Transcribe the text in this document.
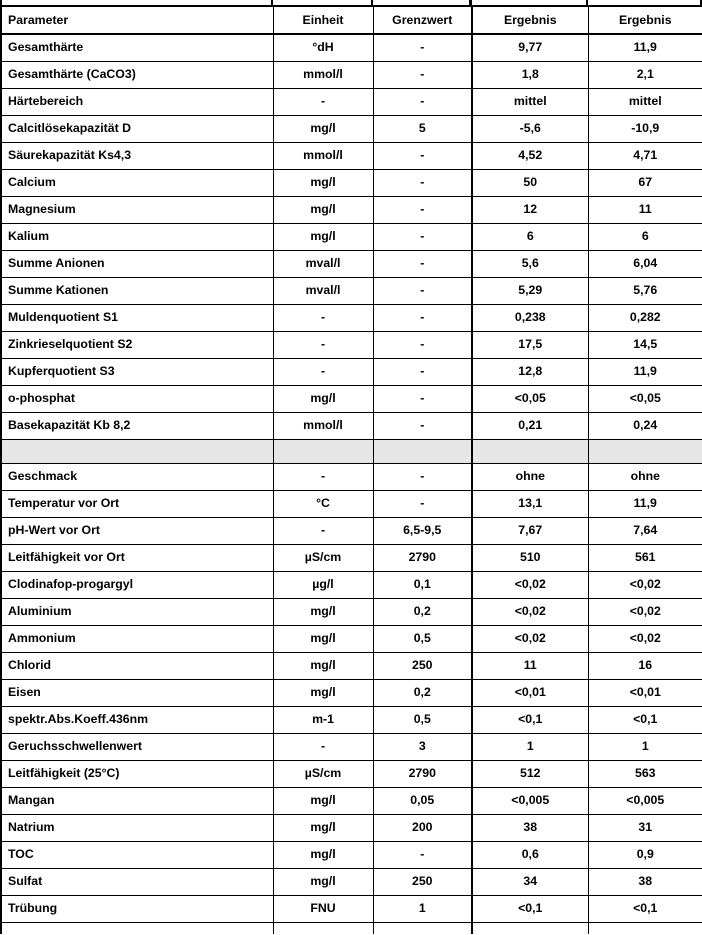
Parameter	Einheit	Grenzwert	Ergebnis	Ergebnis

Gesamthärte	°dH	-	9,77	11,9

Gesamthärte (CaCO3)	mmol/l	-	1,8	2,1

Härtebereich	-	-	mittel	mittel

Calcitlösekapazität D	mg/l	5	-5,6	-10,9

Säurekapazität Ks4,3	mmol/l	-	4,52	4,71

Calcium	mg/l	-	50	67

Magnesium	mg/l	-	12	11

Kalium	mg/l	-	6	6

Summe Anionen	mval/l	-	5,6	6,04

Summe Kationen	mval/l	-	5,29	5,76

Muldenquotient S1	-	-	0,238	0,282

Zinkrieselquotient S2	-	-	17,5	14,5

Kupferquotient S3	-	-	12,8	11,9

o-phosphat	mg/l	-	<0,05	<0,05

Basekapazität Kb 8,2	mmol/l	-	0,21	0,24

Geschmack	-	-	ohne	ohne

Temperatur vor Ort	°C	-	13,1	11,9

pH-Wert vor Ort	-	6,5-9,5	7,67	7,64

Leitfähigkeit vor Ort	µS/cm	2790	510	561

Clodinafop-progargyl	µg/l	0,1	<0,02	<0,02

Aluminium	mg/l	0,2	<0,02	<0,02

Ammonium	mg/l	0,5	<0,02	<0,02

Chlorid	mg/l	250	11	16

Eisen	mg/l	0,2	<0,01	<0,01

spektr.Abs.Koeff.436nm	m-1	0,5	<0,1	<0,1

Geruchsschwellenwert	-	3	1	1

Leitfähigkeit (25°C)	µS/cm	2790	512	563

Mangan	mg/l	0,05	<0,005	<0,005

Natrium	mg/l	200	38	31

TOC	mg/l	-	0,6	0,9

Sulfat	mg/l	250	34	38

Trübung	FNU	1	<0,1	<0,1
